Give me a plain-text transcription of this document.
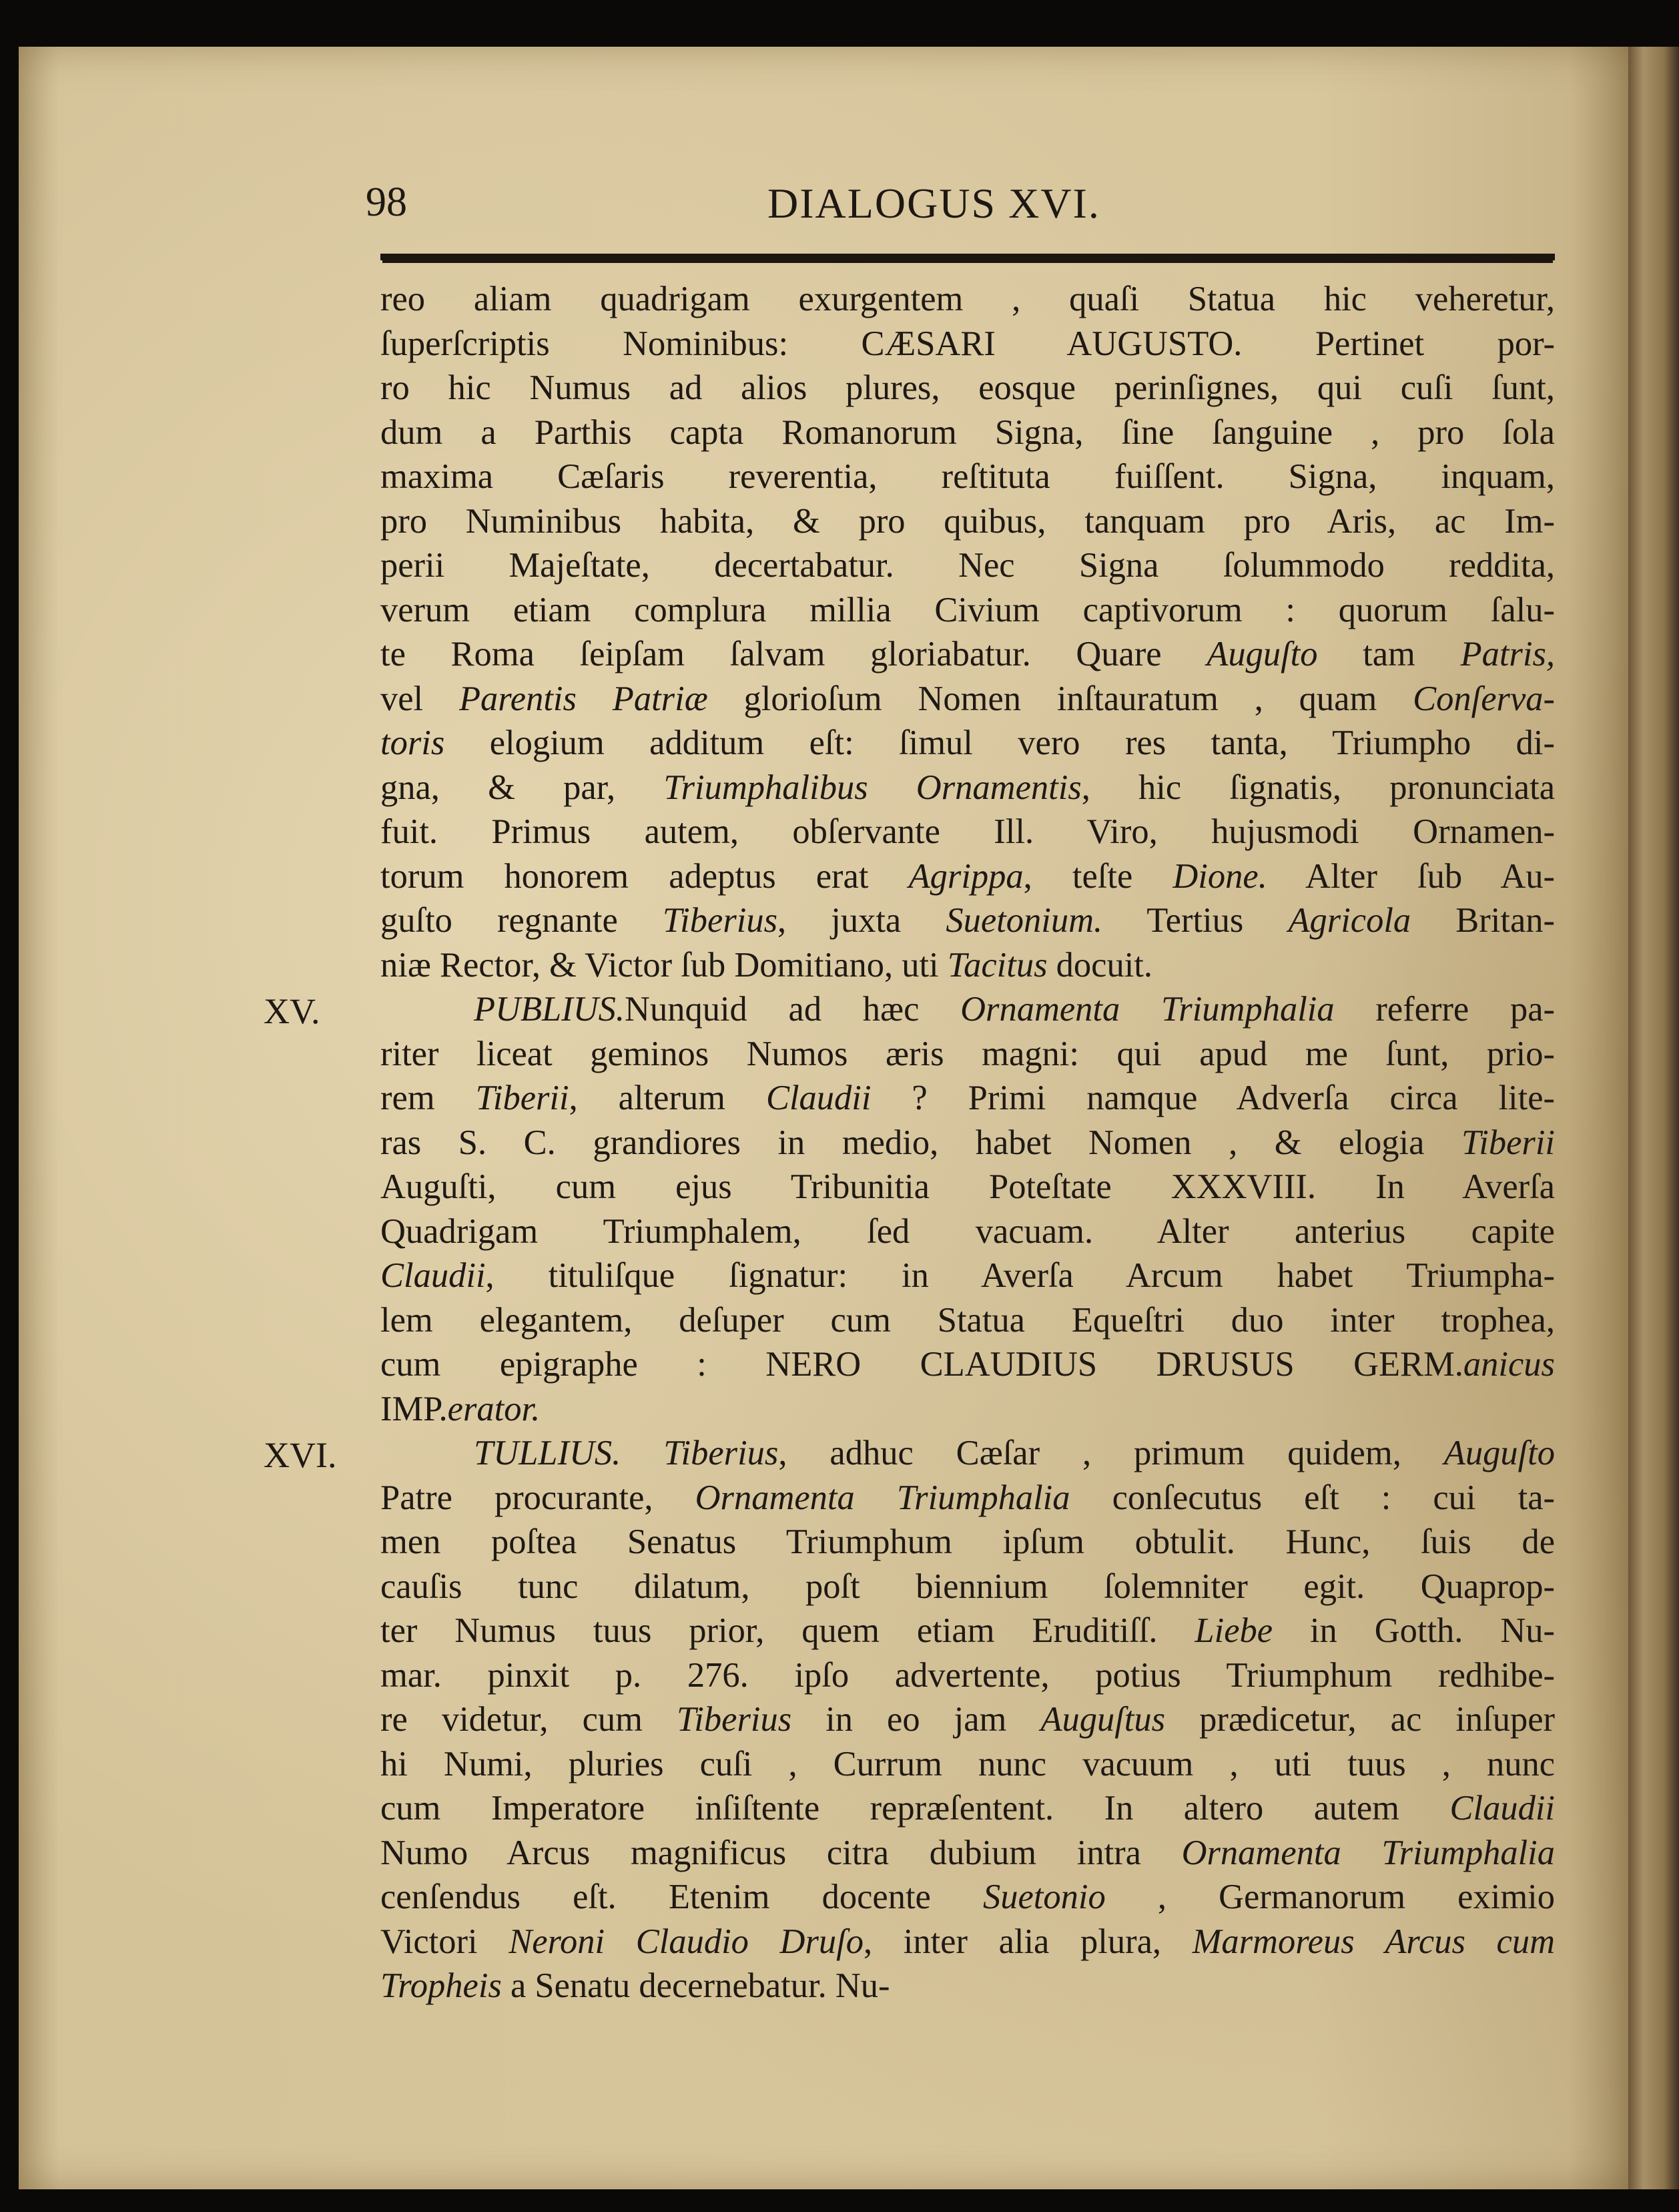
98	DIALOGUS XVI.
XV.
XVI.
reo aliam quadrigam exurgentem , quaſi Statua hic veheretur,
ſuperſcriptis Nominibus: CÆSARI AUGUSTO. Pertinet por-
ro hic Numus ad alios plures, eosque perinſignes, qui cuſi ſunt,
dum a Parthis capta Romanorum Signa, ſine ſanguine , pro ſola
maxima Cæſaris reverentia, reſtituta fuiſſent. Signa, inquam,
pro Numinibus habita, & pro quibus, tanquam pro Aris, ac Im-
perii Majeſtate, decertabatur. Nec Signa ſolummodo reddita,
verum etiam complura millia Civium captivorum : quorum ſalu-
te Roma ſeipſam ſalvam gloriabatur. Quare Auguſto tam Patris,
vel Parentis Patriæ glorioſum Nomen inſtauratum , quam Conſerva-
toris elogium additum eſt: ſimul vero res tanta, Triumpho di-
gna, & par, Triumphalibus Ornamentis, hic ſignatis, pronunciata
fuit. Primus autem, obſervante Ill. Viro, hujusmodi Ornamen-
torum honorem adeptus erat Agrippa, teſte Dione. Alter ſub Au-
guſto regnante Tiberius, juxta Suetonium. Tertius Agricola Britan-
niæ Rector, & Victor ſub Domitiano, uti Tacitus docuit.
PUBLIUS.Nunquid ad hæc Ornamenta Triumphalia referre pa-
riter liceat geminos Numos æris magni: qui apud me ſunt, prio-
rem Tiberii, alterum Claudii ? Primi namque Adverſa circa lite-
ras S. C. grandiores in medio, habet Nomen , & elogia Tiberii
Auguſti, cum ejus Tribunitia Poteſtate XXXVIII. In Averſa
Quadrigam Triumphalem, ſed vacuam. Alter anterius capite
Claudii, tituliſque ſignatur: in Averſa Arcum habet Triumpha-
lem elegantem, deſuper cum Statua Equeſtri duo inter trophea,
cum epigraphe : NERO CLAUDIUS DRUSUS GERM.anicus
IMP.erator.
TULLIUS. Tiberius, adhuc Cæſar , primum quidem, Auguſto
Patre procurante, Ornamenta Triumphalia conſecutus eſt : cui ta-
men poſtea Senatus Triumphum ipſum obtulit. Hunc, ſuis de
cauſis tunc dilatum, poſt biennium ſolemniter egit. Quaprop-
ter Numus tuus prior, quem etiam Eruditiſſ. Liebe in Gotth. Nu-
mar. pinxit p. 276. ipſo advertente, potius Triumphum redhibe-
re videtur, cum Tiberius in eo jam Auguſtus prædicetur, ac inſuper
hi Numi, pluries cuſi , Currum nunc vacuum , uti tuus , nunc
cum Imperatore inſiſtente repræſentent. In altero autem Claudii
Numo Arcus magnificus citra dubium intra Ornamenta Triumphalia
cenſendus eſt. Etenim docente Suetonio , Germanorum eximio
Victori Neroni Claudio Druſo, inter alia plura, Marmoreus Arcus cum
Tropheis a Senatu decernebatur. Nu-
